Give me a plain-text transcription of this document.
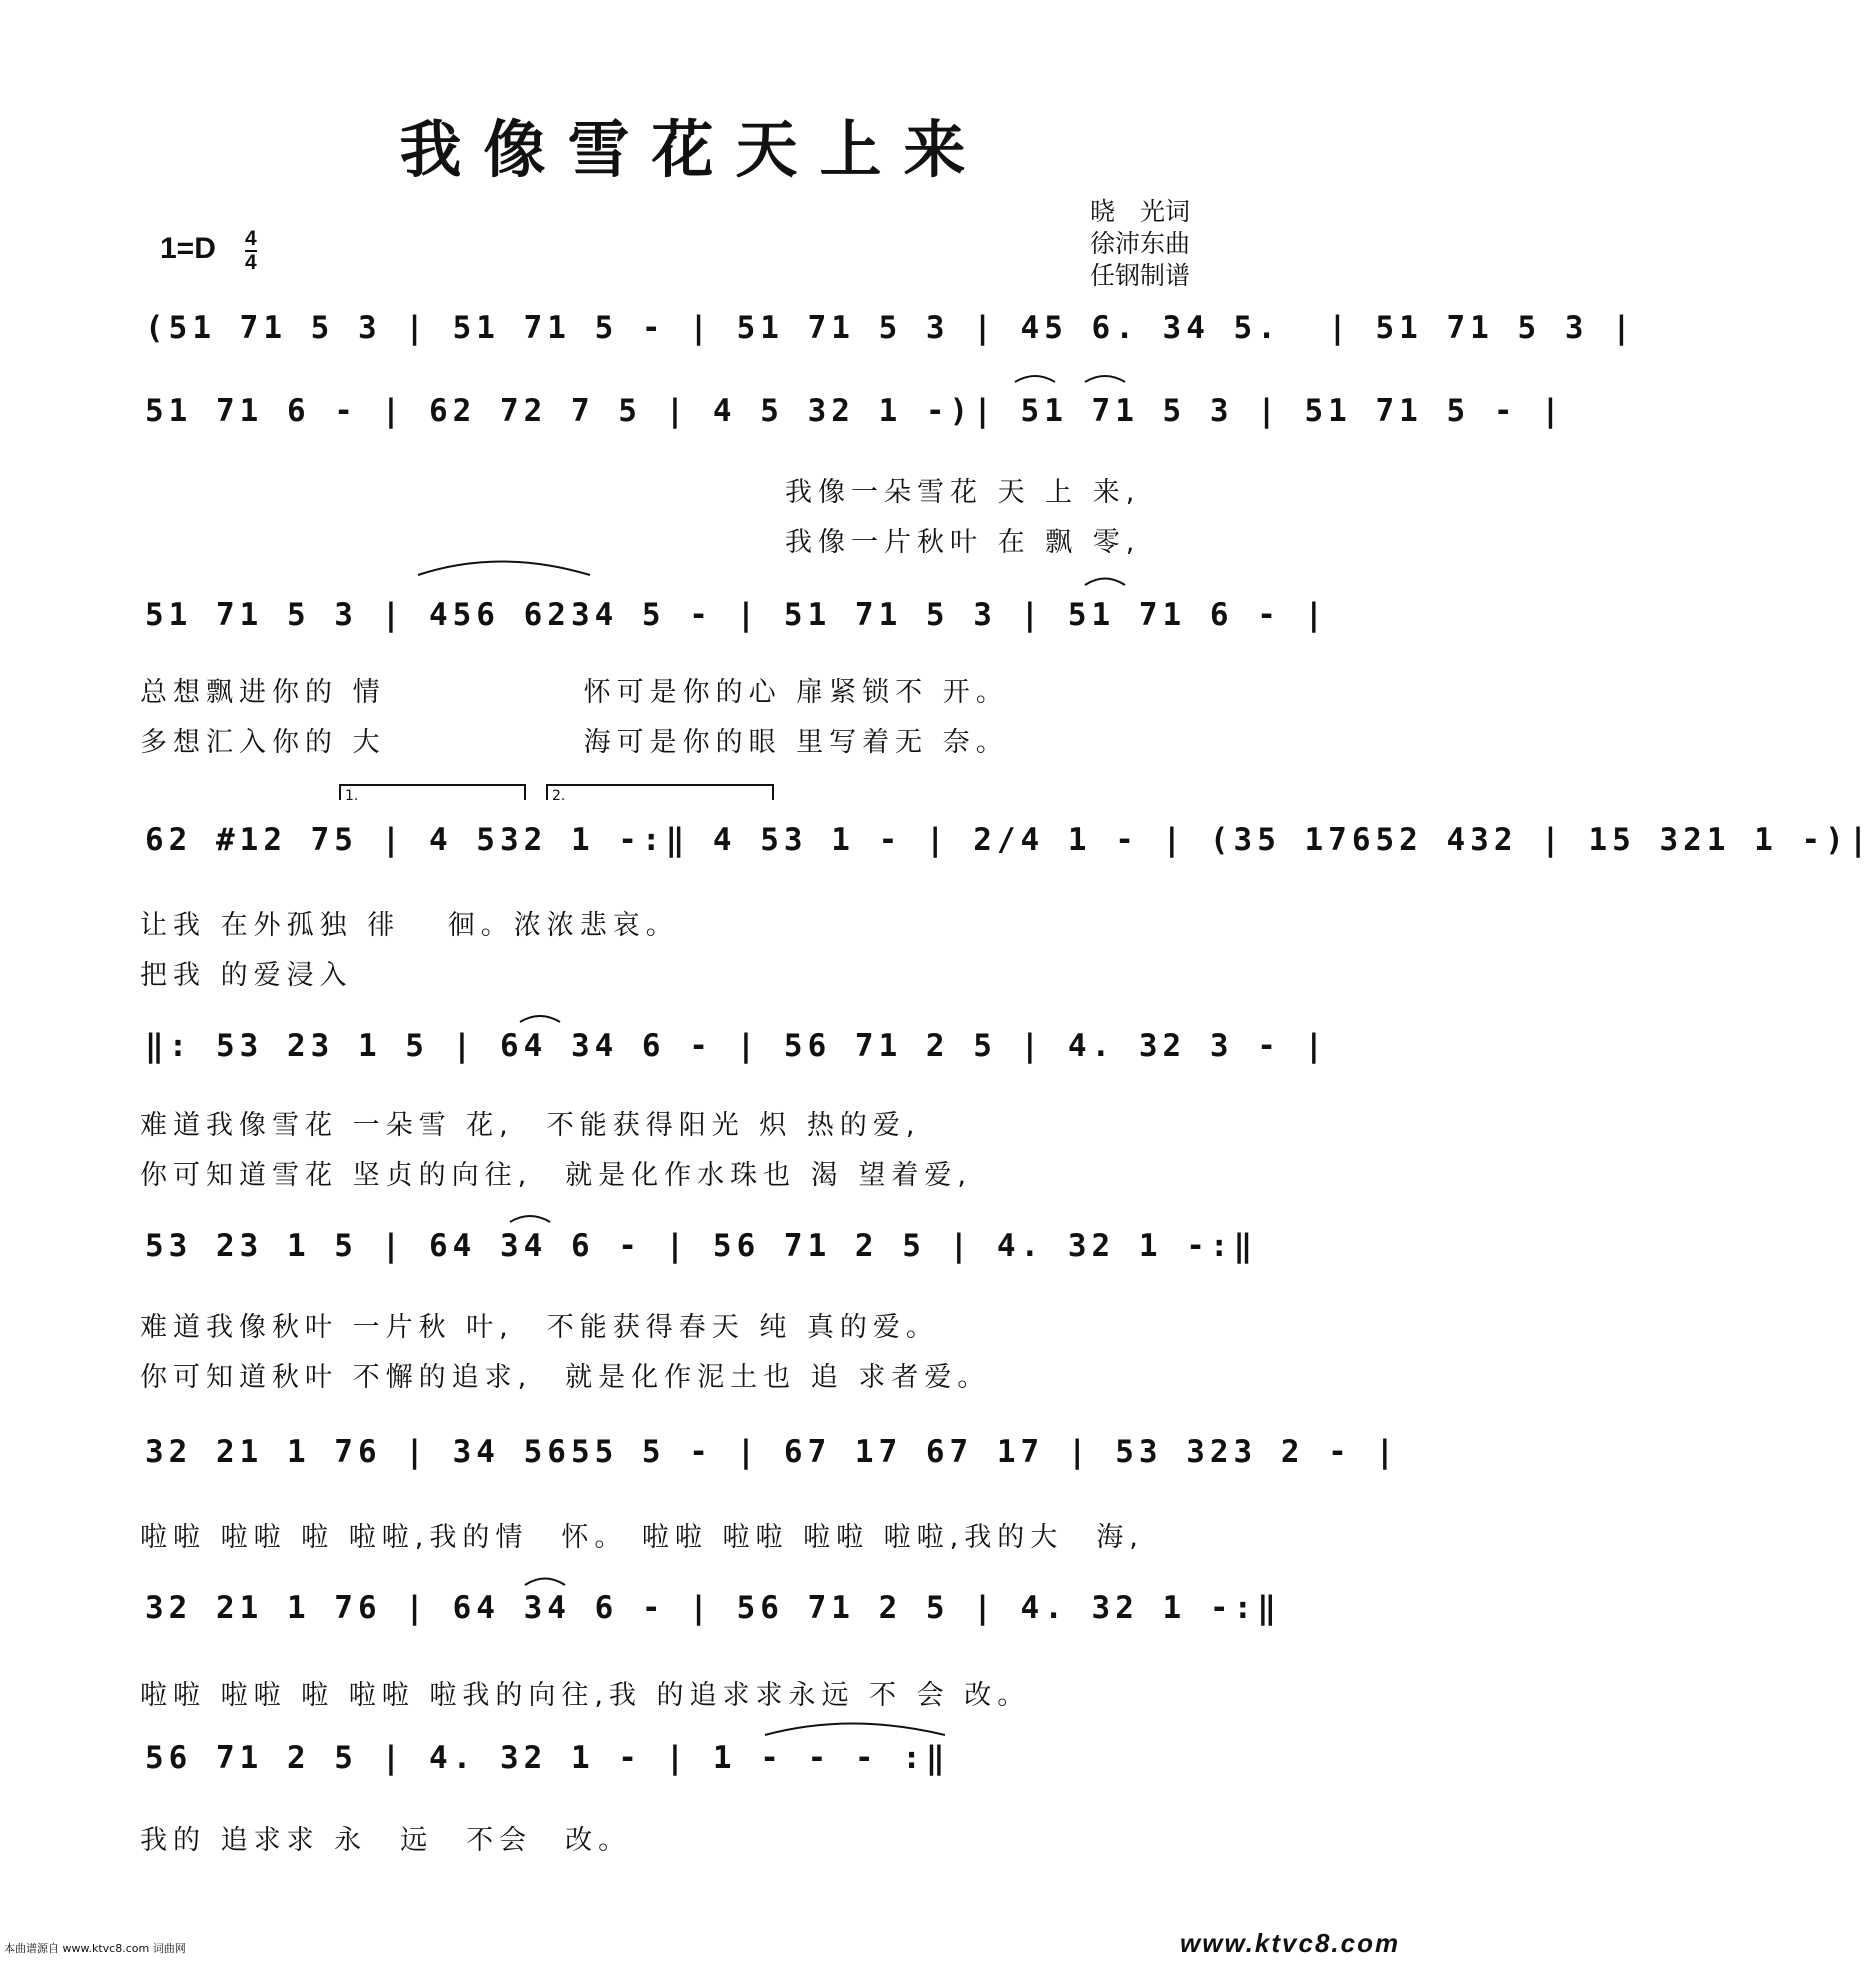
我像雪花天上来
晓　光词
徐沛东曲
任钢制谱
$1=D \frac{4}{4}$
(51 71 5 3 | 51 71 5 - | 51 71 5 3 | 45 6. 34 5.  | 51 71 5 3 |
51 71 6 - | 62 72 7 5 | 4 5 32 1 -)| 51 71 5 3 | 51 71 5 - |
我像一朵雪花 天 上 来,
我像一片秋叶 在 飘 零,
51 71 5 3 | 456 6234 5 - | 51 71 5 3 | 51 71 6 - |
总想飘进你的 情　　　　　　怀可是你的心 扉紧锁不 开。
多想汇入你的 大　　　　　　海可是你的眼 里写着无 奈。
1.	2.
62 #12 75 | 4 532 1 -:‖ 4 53 1 - | 2/4 1 - | (35 17652 432 | 15 321 1 -)|
让我 在外孤独 徘　 徊。浓浓悲哀。
把我 的爱浸入
‖: 53 23 1 5 | 64 34 6 - | 56 71 2 5 | 4. 32 3 - |
难道我像雪花 一朵雪 花,　不能获得阳光 炽 热的爱,
你可知道雪花 坚贞的向往,　就是化作水珠也 渴 望着爱,
53 23 1 5 | 64 34 6 - | 56 71 2 5 | 4. 32 1 -:‖
难道我像秋叶 一片秋 叶,　不能获得春天 纯 真的爱。
你可知道秋叶 不懈的追求,　就是化作泥土也 追 求者爱。
32 21 1 76 | 34 5655 5 - | 67 17 67 17 | 53 323 2 - |
啦啦 啦啦 啦 啦啦,我的情　怀。 啦啦 啦啦 啦啦 啦啦,我的大　海,
32 21 1 76 | 64 34 6 - | 56 71 2 5 | 4. 32 1 -:‖
啦啦 啦啦 啦 啦啦 啦我的向往,我 的追求求永远 不 会 改。
56 71 2 5 | 4. 32 1 - | 1 - - - :‖
我的 追求求 永　远　不会　改。
本曲谱源自 www.ktvc8.com 词曲网	www.ktvc8.com
